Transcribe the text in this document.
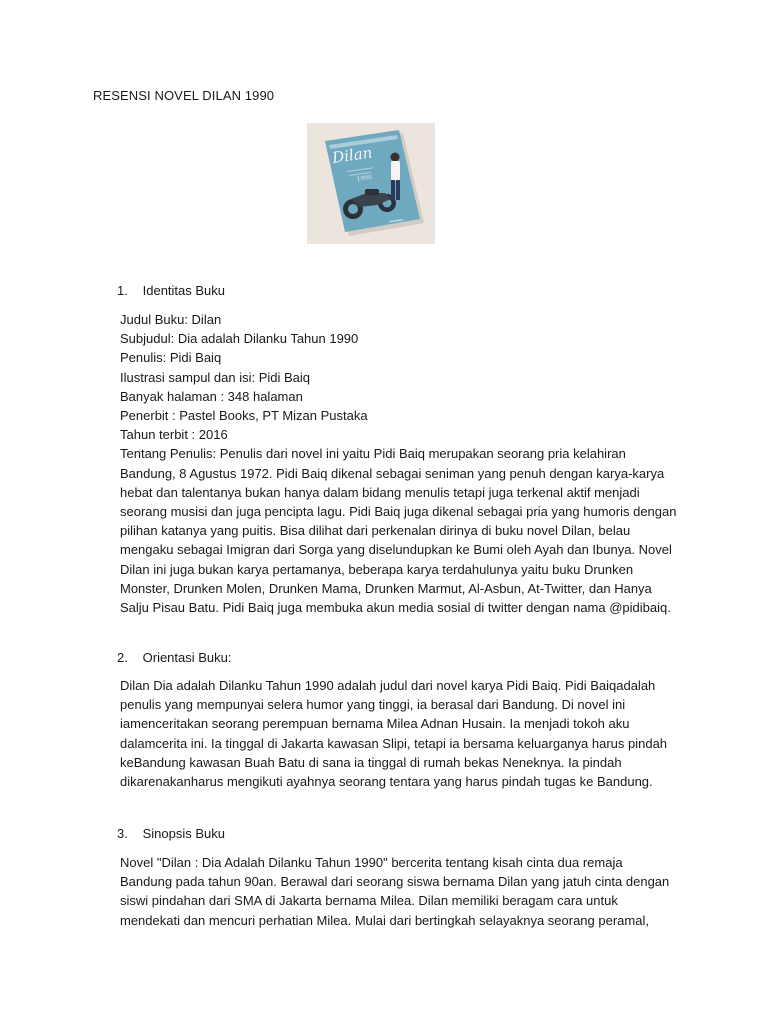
RESENSI NOVEL DILAN 1990
Dilan
1990
1. Identitas Buku
Judul Buku: Dilan
Subjudul: Dia adalah Dilanku Tahun 1990
Penulis: Pidi Baiq
Ilustrasi sampul dan isi: Pidi Baiq
Banyak halaman : 348 halaman
Penerbit : Pastel Books, PT Mizan Pustaka
Tahun terbit : 2016
Tentang Penulis: Penulis dari novel ini yaitu Pidi Baiq merupakan seorang pria kelahiran
Bandung, 8 Agustus 1972. Pidi Baiq dikenal sebagai seniman yang penuh dengan karya-karya
hebat dan talentanya bukan hanya dalam bidang menulis tetapi juga terkenal aktif menjadi
seorang musisi dan juga pencipta lagu. Pidi Baiq juga dikenal sebagai pria yang humoris dengan
pilihan katanya yang puitis. Bisa dilihat dari perkenalan dirinya di buku novel Dilan, belau
mengaku sebagai Imigran dari Sorga yang diselundupkan ke Bumi oleh Ayah dan Ibunya. Novel
Dilan ini juga bukan karya pertamanya, beberapa karya terdahulunya yaitu buku Drunken
Monster, Drunken Molen, Drunken Mama, Drunken Marmut, Al-Asbun, At-Twitter, dan Hanya
Salju Pisau Batu. Pidi Baiq juga membuka akun media sosial di twitter dengan nama @pidibaiq.
2. Orientasi Buku:
Dilan Dia adalah Dilanku Tahun 1990 adalah judul dari novel karya Pidi Baiq. Pidi Baiqadalah
penulis yang mempunyai selera humor yang tinggi, ia berasal dari Bandung. Di novel ini
iamenceritakan seorang perempuan bernama Milea Adnan Husain. Ia menjadi tokoh aku
dalamcerita ini. Ia tinggal di Jakarta kawasan Slipi, tetapi ia bersama keluarganya harus pindah
keBandung kawasan Buah Batu di sana ia tinggal di rumah bekas Neneknya. Ia pindah
dikarenakanharus mengikuti ayahnya seorang tentara yang harus pindah tugas ke Bandung.
3. Sinopsis Buku
Novel "Dilan : Dia Adalah Dilanku Tahun 1990" bercerita tentang kisah cinta dua remaja
Bandung pada tahun 90an. Berawal dari seorang siswa bernama Dilan yang jatuh cinta dengan
siswi pindahan dari SMA di Jakarta bernama Milea. Dilan memiliki beragam cara untuk
mendekati dan mencuri perhatian Milea. Mulai dari bertingkah selayaknya seorang peramal,
